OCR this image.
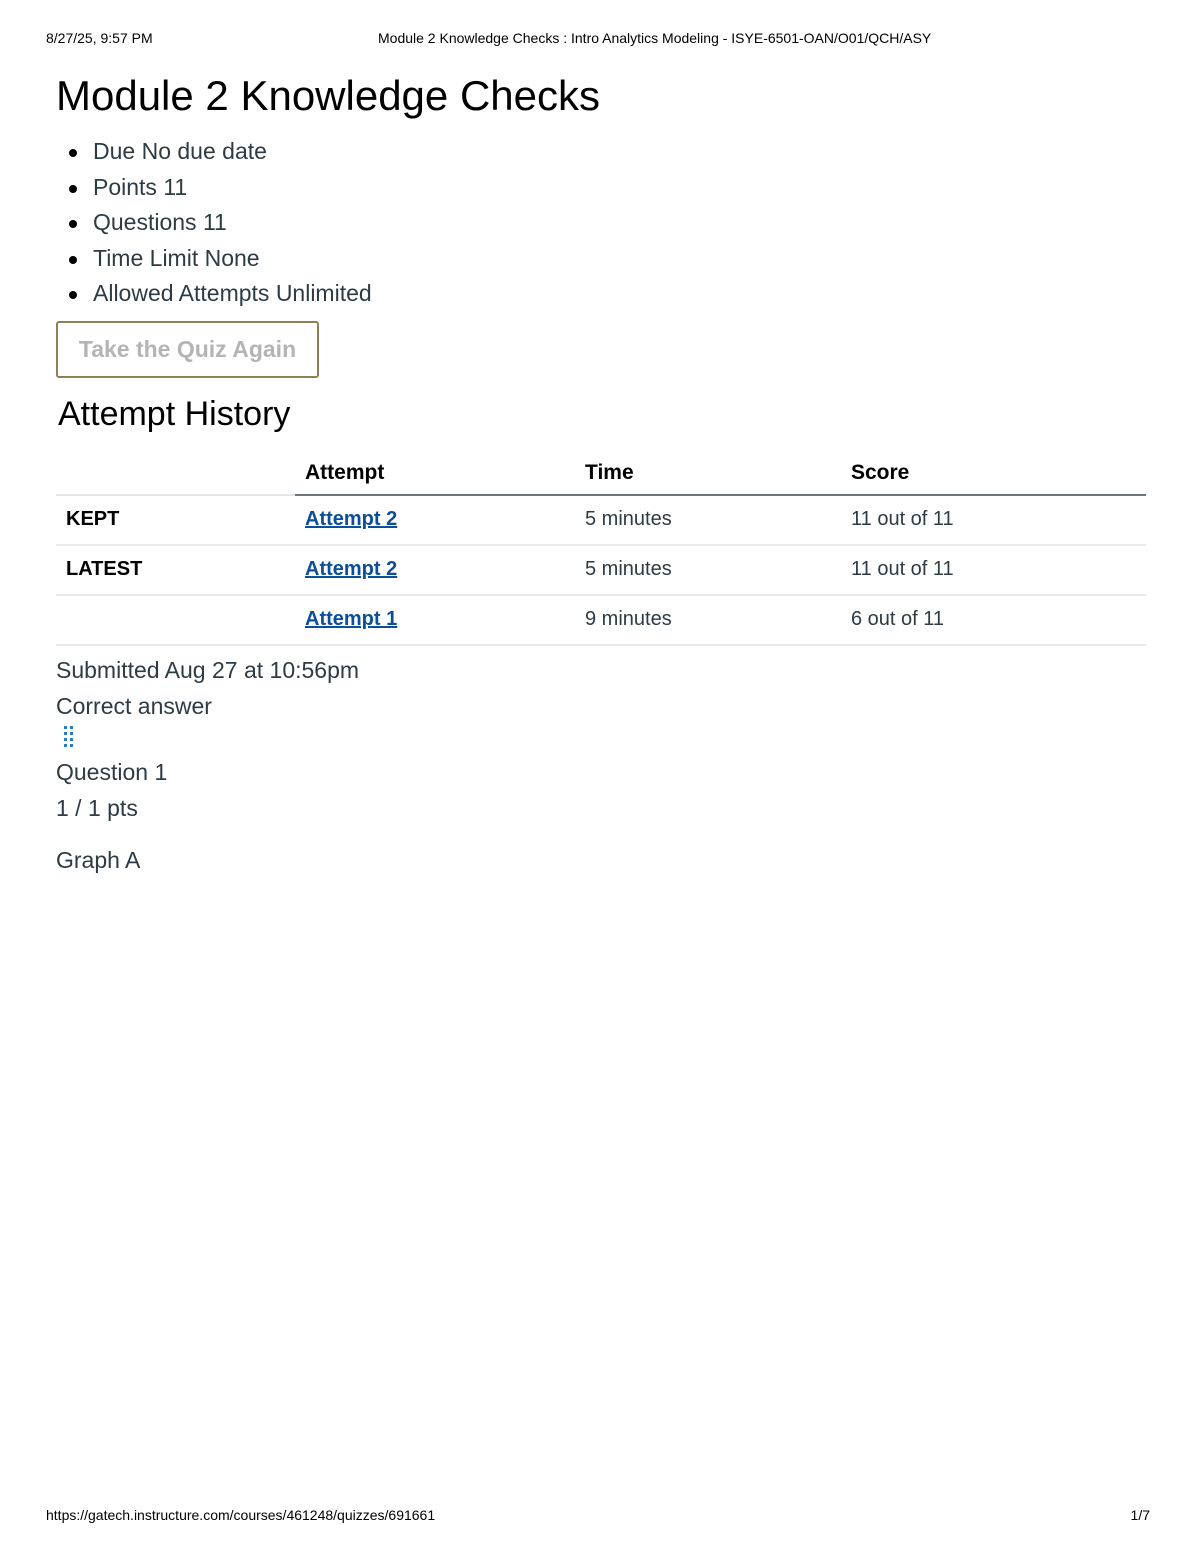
8/27/25, 9:57 PM	Module 2 Knowledge Checks : Intro Analytics Modeling - ISYE-6501-OAN/O01/QCH/ASY
Module 2 Knowledge Checks
Due No due date
Points 11
Questions 11
Time Limit None
Allowed Attempts Unlimited
Take the Quiz Again
Attempt History
	Attempt	Time	Score
KEPT	Attempt 2	5 minutes	11 out of 11
LATEST	Attempt 2	5 minutes	11 out of 11
	Attempt 1	9 minutes	6 out of 11
Submitted Aug 27 at 10:56pm
Correct answer
Question 1
1 / 1 pts
Graph A
https://gatech.instructure.com/courses/461248/quizzes/691661	1/7
